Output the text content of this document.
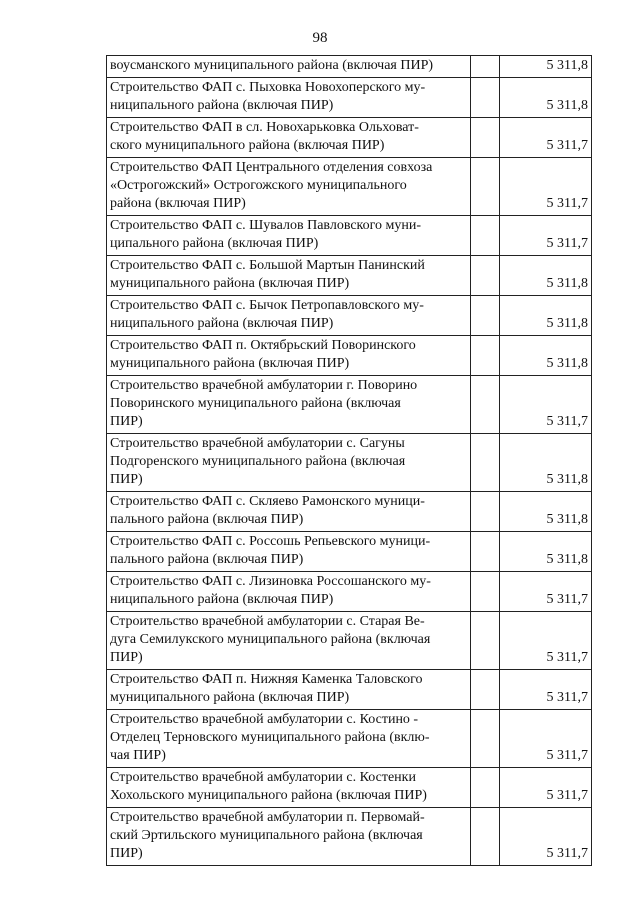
98
воусманского муниципального района (включая ПИР)		5 311,8

Строительство ФАП с. Пыховка Новохоперского му-
ниципального района (включая ПИР)		5 311,8

Строительство ФАП в сл. Новохарьковка Ольховат-
ского муниципального района (включая ПИР)		5 311,7

Строительство ФАП Центрального отделения совхоза
«Острогожский» Острогожского муниципального
района (включая ПИР)		5 311,7

Строительство ФАП с. Шувалов Павловского муни-
ципального района (включая ПИР)		5 311,7

Строительство ФАП с. Большой Мартын Панинский
муниципального района (включая ПИР)		5 311,8

Строительство ФАП с. Бычок Петропавловского му-
ниципального района (включая ПИР)		5 311,8

Строительство ФАП п. Октябрьский Поворинского
муниципального района (включая ПИР)		5 311,8

Строительство врачебной амбулатории г. Поворино
Поворинского муниципального района (включая
ПИР)		5 311,7

Строительство врачебной амбулатории с. Сагуны
Подгоренского муниципального района (включая
ПИР)		5 311,8

Строительство ФАП с. Скляево Рамонского муници-
пального района (включая ПИР)		5 311,8

Строительство ФАП с. Россошь Репьевского муници-
пального района (включая ПИР)		5 311,8

Строительство ФАП с. Лизиновка Россошанского му-
ниципального района (включая ПИР)		5 311,7

Строительство врачебной амбулатории с. Старая Ве-
дуга Семилукского муниципального района (включая
ПИР)		5 311,7

Строительство ФАП п. Нижняя Каменка Таловского
муниципального района (включая ПИР)		5 311,7

Строительство врачебной амбулатории с. Костино -
Отделец Терновского муниципального района (вклю-
чая ПИР)		5 311,7

Строительство врачебной амбулатории с. Костенки
Хохольского муниципального района (включая ПИР)		5 311,7

Строительство врачебной амбулатории п. Первомай-
ский Эртильского муниципального района (включая
ПИР)		5 311,7
